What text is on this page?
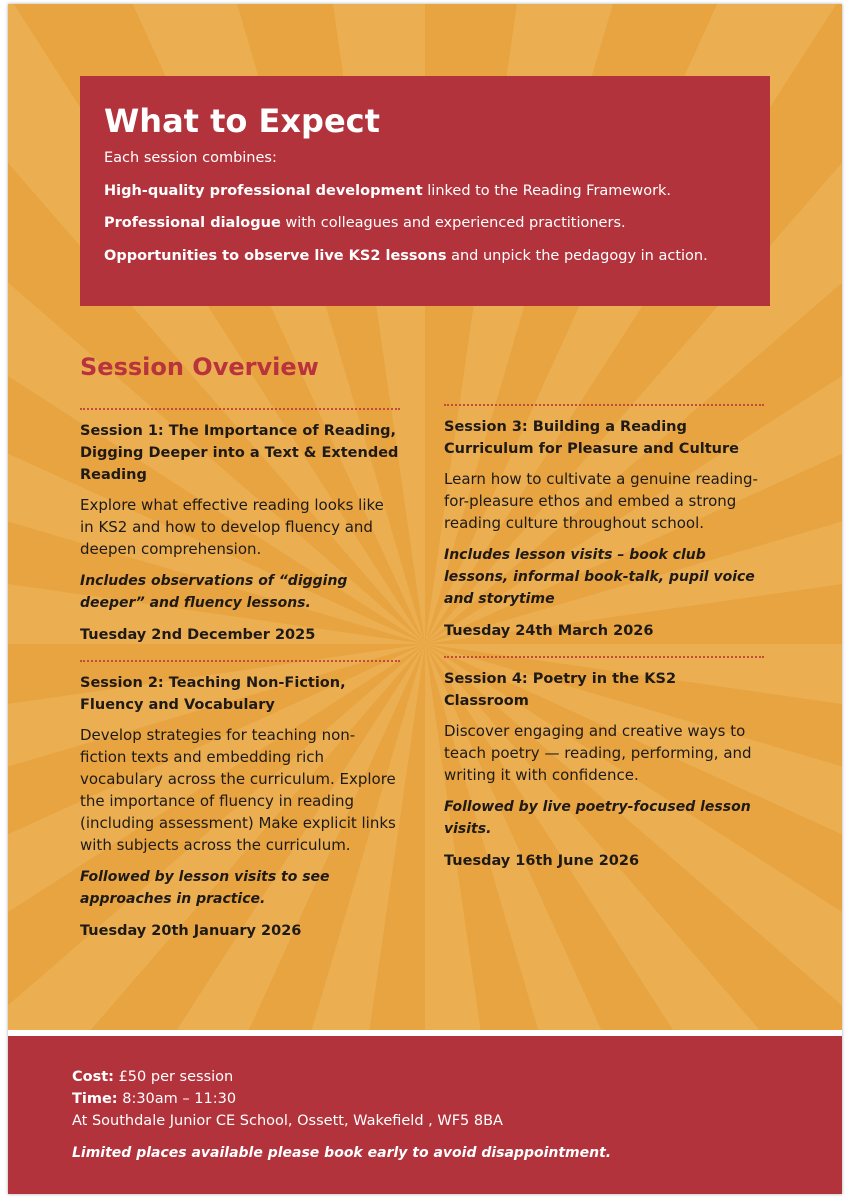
What to Expect

Each session combines:

High-quality professional development linked to the Reading Framework.

Professional dialogue with colleagues and experienced practitioners.

Opportunities to observe live KS2 lessons and unpick the pedagogy in action.

Session Overview
Session 1: The Importance of Reading, Digging Deeper into a Text & Extended Reading

Explore what effective reading looks like in KS2 and how to develop fluency and deepen comprehension.

Includes observations of “digging deeper” and fluency lessons.

Tuesday 2nd December 2025

Session 2: Teaching Non-Fiction, Fluency and Vocabulary

Develop strategies for teaching non-fiction texts and embedding rich vocabulary across the curriculum. Explore the importance of fluency in reading (including assessment) Make explicit links with subjects across the curriculum.

Followed by lesson visits to see approaches in practice.

Tuesday 20th January 2026

Session 3: Building a Reading Curriculum for Pleasure and Culture

Learn how to cultivate a genuine reading-for-pleasure ethos and embed a strong reading culture throughout school.

Includes lesson visits – book club lessons, informal book-talk, pupil voice and storytime

Tuesday 24th March 2026

Session 4: Poetry in the KS2 Classroom

Discover engaging and creative ways to teach poetry — reading, performing, and writing it with confidence.

Followed by live poetry-focused lesson visits.

Tuesday 16th June 2026

Cost: £50 per session

Time: 8:30am – 11:30

At Southdale Junior CE School, Ossett, Wakefield , WF5 8BA

Limited places available please book early to avoid disappointment.
